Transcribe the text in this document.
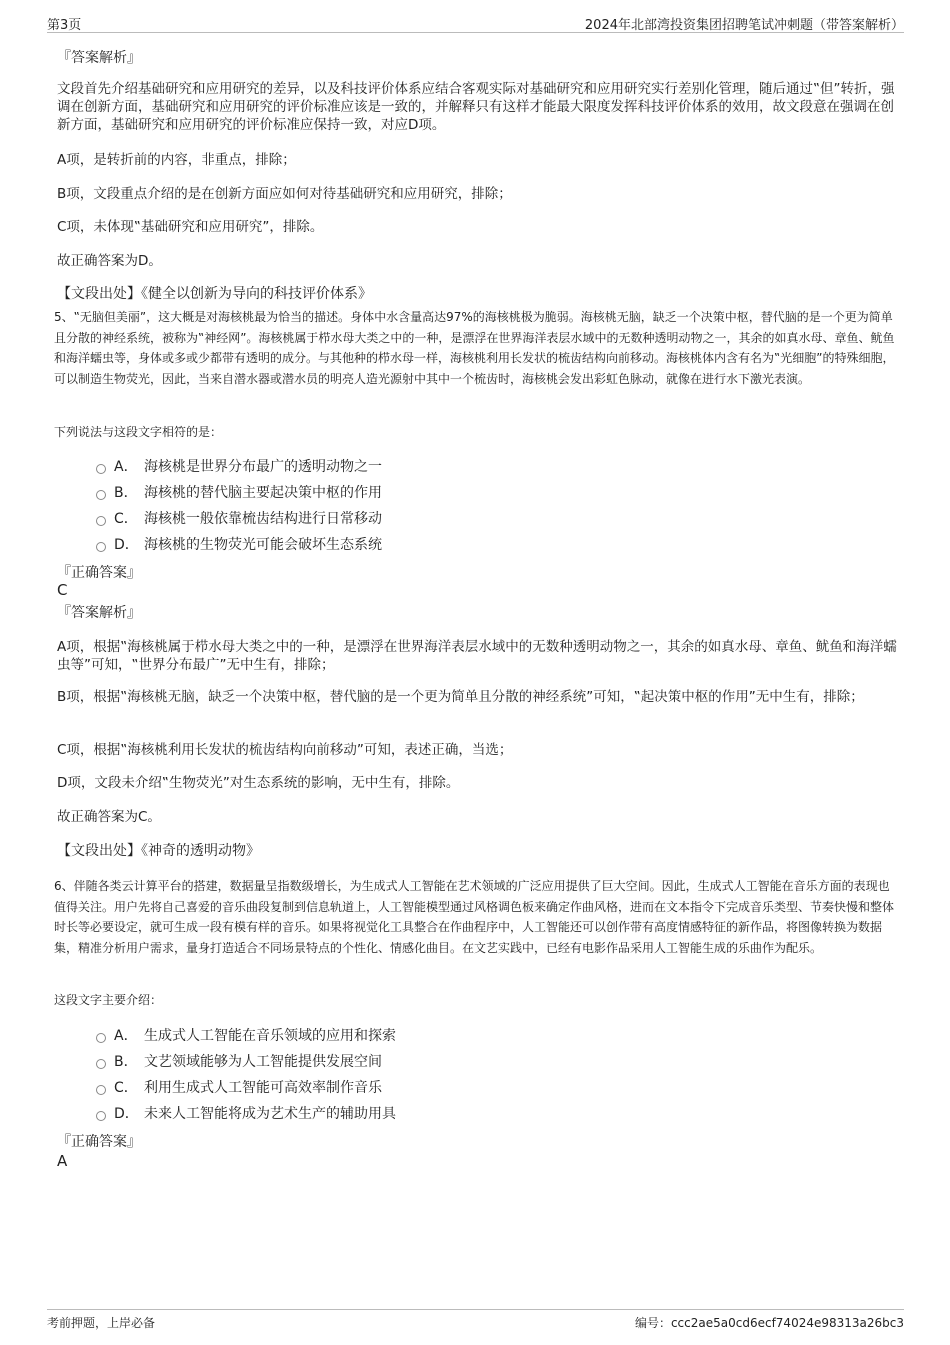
第3页	2024年北部湾投资集团招聘笔试冲刺题（带答案解析）
『答案解析』
文段首先介绍基础研究和应用研究的差异，以及科技评价体系应结合客观实际对基础研究和应用研究实行差别化管理，随后通过‟但”转折，强调在创新方面，基础研究和应用研究的评价标准应该是一致的，并解释只有这样才能最大限度发挥科技评价体系的效用，故文段意在强调在创新方面，基础研究和应用研究的评价标准应保持一致，对应D项。
A项，是转折前的内容，非重点，排除；
B项，文段重点介绍的是在创新方面应如何对待基础研究和应用研究，排除；
C项，未体现‟基础研究和应用研究”，排除。
故正确答案为D。
【文段出处】《健全以创新为导向的科技评价体系》
5、‟无脑但美丽”，这大概是对海核桃最为恰当的描述。身体中水含量高达97%的海核桃极为脆弱。海核桃无脑，缺乏一个决策中枢，替代脑的是一个更为简单且分散的神经系统，被称为‟神经网”。海核桃属于栉水母大类之中的一种，是漂浮在世界海洋表层水域中的无数种透明动物之一，其余的如真水母、章鱼、鱿鱼和海洋蠕虫等，身体或多或少都带有透明的成分。与其他种的栉水母一样，海核桃利用长发状的梳齿结构向前移动。海核桃体内含有名为‟光细胞”的特殊细胞，可以制造生物荧光，因此，当来自潜水器或潜水员的明亮人造光源射中其中一个梳齿时，海核桃会发出彩虹色脉动，就像在进行水下激光表演。
下列说法与这段文字相符的是：
A． 海核桃是世界分布最广的透明动物之一
B． 海核桃的替代脑主要起决策中枢的作用
C． 海核桃一般依靠梳齿结构进行日常移动
D． 海核桃的生物荧光可能会破坏生态系统
『正确答案』
C
『答案解析』
A项，根据‟海核桃属于栉水母大类之中的一种，是漂浮在世界海洋表层水域中的无数种透明动物之一，其余的如真水母、章鱼、鱿鱼和海洋蠕虫等”可知，‟世界分布最广”无中生有，排除；
B项，根据‟海核桃无脑，缺乏一个决策中枢，替代脑的是一个更为简单且分散的神经系统”可知，‟起决策中枢的作用”无中生有，排除；
C项，根据‟海核桃利用长发状的梳齿结构向前移动”可知，表述正确，当选；
D项，文段未介绍‟生物荧光”对生态系统的影响，无中生有，排除。
故正确答案为C。
【文段出处】《神奇的透明动物》
6、伴随各类云计算平台的搭建，数据量呈指数级增长，为生成式人工智能在艺术领域的广泛应用提供了巨大空间。因此，生成式人工智能在音乐方面的表现也值得关注。用户先将自己喜爱的音乐曲段复制到信息轨道上，人工智能模型通过风格调色板来确定作曲风格，进而在文本指令下完成音乐类型、节奏快慢和整体时长等必要设定，就可生成一段有模有样的音乐。如果将视觉化工具整合在作曲程序中，人工智能还可以创作带有高度情感特征的新作品，将图像转换为数据集，精准分析用户需求，量身打造适合不同场景特点的个性化、情感化曲目。在文艺实践中，已经有电影作品采用人工智能生成的乐曲作为配乐。
这段文字主要介绍：
A． 生成式人工智能在音乐领域的应用和探索
B． 文艺领域能够为人工智能提供发展空间
C． 利用生成式人工智能可高效率制作音乐
D． 未来人工智能将成为艺术生产的辅助用具
『正确答案』
A
考前押题，上岸必备	编号：ccc2ae5a0cd6ecf74024e98313a26bc3
